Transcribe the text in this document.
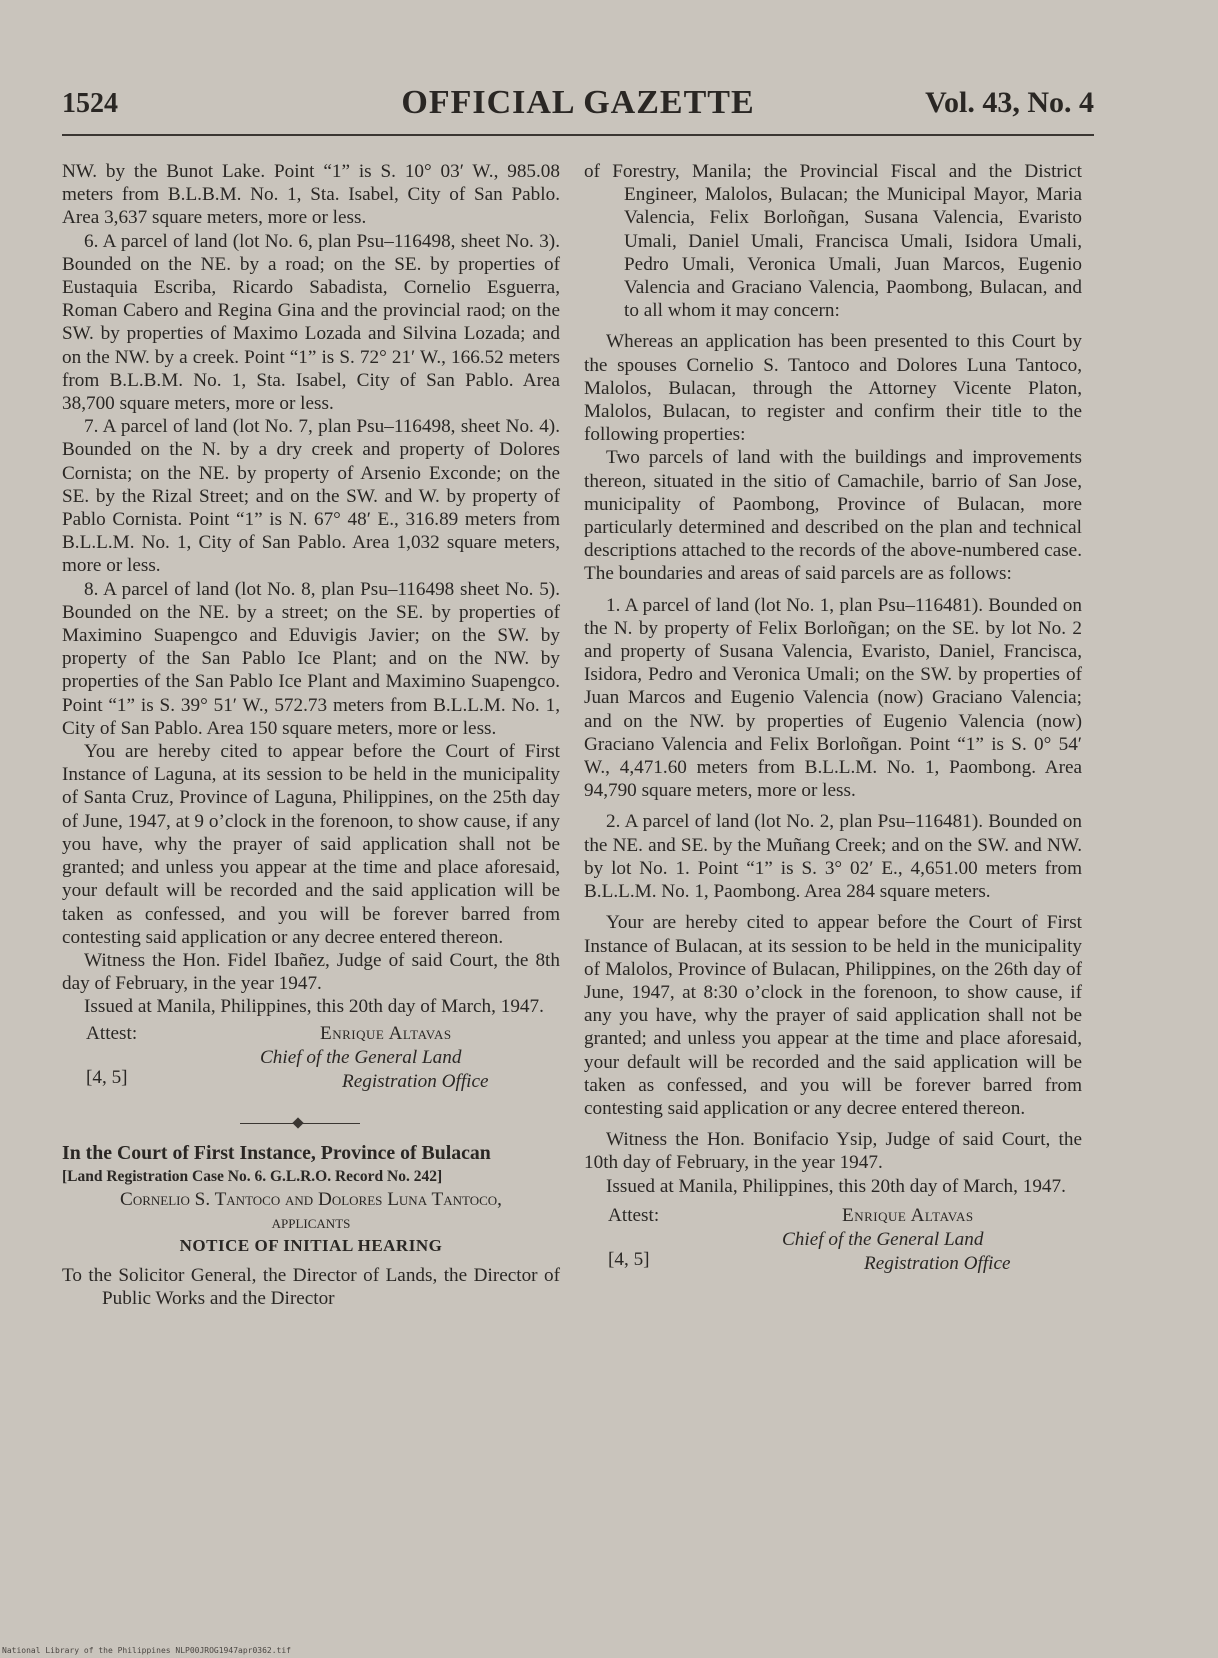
1524	OFFICIAL GAZETTE	Vol. 43, No. 4

NW. by the Bunot Lake. Point “1” is S. 10° 03′ W., 985.08 meters from B.L.B.M. No. 1, Sta. Isabel, City of San Pablo. Area 3,637 square meters, more or less.

6. A parcel of land (lot No. 6, plan Psu–116498, sheet No. 3). Bounded on the NE. by a road; on the SE. by properties of Eustaquia Escriba, Ricardo Sabadista, Cornelio Esguerra, Roman Cabero and Regina Gina and the provincial raod; on the SW. by properties of Maximo Lozada and Silvina Lozada; and on the NW. by a creek. Point “1” is S. 72° 21′ W., 166.52 meters from B.L.B.M. No. 1, Sta. Isabel, City of San Pablo. Area 38,700 square meters, more or less.

7. A parcel of land (lot No. 7, plan Psu–116498, sheet No. 4). Bounded on the N. by a dry creek and property of Dolores Cornista; on the NE. by property of Arsenio Exconde; on the SE. by the Rizal Street; and on the SW. and W. by property of Pablo Cornista. Point “1” is N. 67° 48′ E., 316.89 meters from B.L.L.M. No. 1, City of San Pablo. Area 1,032 square meters, more or less.

8. A parcel of land (lot No. 8, plan Psu–116498 sheet No. 5). Bounded on the NE. by a street; on the SE. by properties of Maximino Suapengco and Eduvigis Javier; on the SW. by property of the San Pablo Ice Plant; and on the NW. by properties of the San Pablo Ice Plant and Maximino Suapengco. Point “1” is S. 39° 51′ W., 572.73 meters from B.L.L.M. No. 1, City of San Pablo. Area 150 square meters, more or less.

You are hereby cited to appear before the Court of First Instance of Laguna, at its session to be held in the municipality of Santa Cruz, Province of Laguna, Philippines, on the 25th day of June, 1947, at 9 o’clock in the forenoon, to show cause, if any you have, why the prayer of said application shall not be granted; and unless you appear at the time and place aforesaid, your default will be recorded and the said application will be taken as confessed, and you will be forever barred from contesting said application or any decree entered thereon.

Witness the Hon. Fidel Ibañez, Judge of said Court, the 8th day of February, in the year 1947.

Issued at Manila, Philippines, this 20th day of March, 1947.

Attest:	Enrique Altavas
Chief of the General Land
[4, 5]	Registration Office

In the Court of First Instance, Province of Bulacan

[Land Registration Case No. 6. G.L.R.O. Record No. 242]

Cornelio S. Tantoco and Dolores Luna Tantoco,

applicants

NOTICE OF INITIAL HEARING

To the Solicitor General, the Director of Lands, the Director of Public Works and the Director

of Forestry, Manila; the Provincial Fiscal and the District Engineer, Malolos, Bulacan; the Municipal Mayor, Maria Valencia, Felix Borloñgan, Susana Valencia, Evaristo Umali, Daniel Umali, Francisca Umali, Isidora Umali, Pedro Umali, Veronica Umali, Juan Marcos, Eugenio Valencia and Graciano Valencia, Paombong, Bulacan, and to all whom it may concern:

Whereas an application has been presented to this Court by the spouses Cornelio S. Tantoco and Dolores Luna Tantoco, Malolos, Bulacan, through the Attorney Vicente Platon, Malolos, Bulacan, to register and confirm their title to the following properties:

Two parcels of land with the buildings and improvements thereon, situated in the sitio of Camachile, barrio of San Jose, municipality of Paombong, Province of Bulacan, more particularly determined and described on the plan and technical descriptions attached to the records of the above-numbered case. The boundaries and areas of said parcels are as follows:

1. A parcel of land (lot No. 1, plan Psu–116481). Bounded on the N. by property of Felix Borloñgan; on the SE. by lot No. 2 and property of Susana Valencia, Evaristo, Daniel, Francisca, Isidora, Pedro and Veronica Umali; on the SW. by properties of Juan Marcos and Eugenio Valencia (now) Graciano Valencia; and on the NW. by properties of Eugenio Valencia (now) Graciano Valencia and Felix Borloñgan. Point “1” is S. 0° 54′ W., 4,471.60 meters from B.L.L.M. No. 1, Paombong. Area 94,790 square meters, more or less.

2. A parcel of land (lot No. 2, plan Psu–116481). Bounded on the NE. and SE. by the Muñang Creek; and on the SW. and NW. by lot No. 1. Point “1” is S. 3° 02′ E., 4,651.00 meters from B.L.L.M. No. 1, Paombong. Area 284 square meters.

Your are hereby cited to appear before the Court of First Instance of Bulacan, at its session to be held in the municipality of Malolos, Province of Bulacan, Philippines, on the 26th day of June, 1947, at 8:30 o’clock in the forenoon, to show cause, if any you have, why the prayer of said application shall not be granted; and unless you appear at the time and place aforesaid, your default will be recorded and the said application will be taken as confessed, and you will be forever barred from contesting said application or any decree entered thereon.

Witness the Hon. Bonifacio Ysip, Judge of said Court, the 10th day of February, in the year 1947.

Issued at Manila, Philippines, this 20th day of March, 1947.

Attest:	Enrique Altavas
Chief of the General Land
[4, 5]	Registration Office
National Library of the Philippines NLP00JROG1947apr0362.tif
